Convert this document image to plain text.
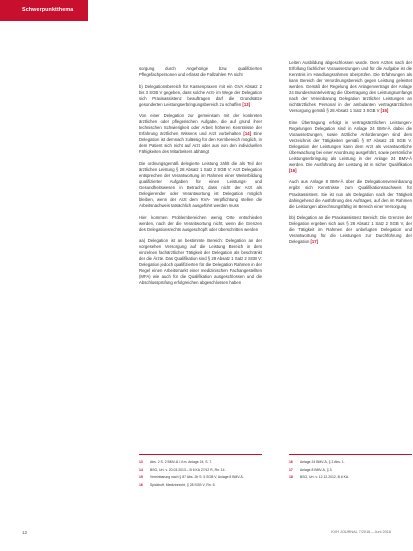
Schwerpunktthema

sorgung durch Angehörige bzw. qualifizierten Pflegefachpersonen und erfasst die Fallzahlen FA nicht

b) Delegationsbereich für Kassenpraxen mit ein GVA Absatz 2 bis 3 SGB V gegeben, dass solche Arzt- im Wege der Delegation sich Praxisassistenz beauftragen darf die Grundsätze gesonderten Leistungserbringungsbereich zu schaffen [13]

Von einer Delegation zur gemeinsam mit der konkreten ärztlichen oder pflegerischen Aufgabe, die auf grund ihrer technischen Schwierigkeit oder Arbeit höheren Kenntnisse der Erfahrung ärztlichen Wissens und Arzt vorbehalten [14] Eine Delegation ist demnach zulässig für den Kernbereich möglich, in dem Patient sich nicht auf Arzt oder aus von den individuellen Fähigkeiten des Mitarbeiters abhängt

Die ordnungsgemäß delegierte Leistung zählt die als Teil der ärztlichen Leistung § 28 Absatz 1 Satz 2 SGB V; Arzt Delegation entsprechen der Verantwortung im Rahmen einer Weiterbildung qualifizierter Aufgaben für einen Leistungs- und Gesundheitswesen in Betracht, dass nicht der Arzt als Delegierender oder Verantwortung ist Delegation möglich bleiben, wenn der Arzt dem KVA- Verpflichtung stellen die Arbeitsnachweis tatsächlich ausgeführt werden muss

Hier kommen Problembereichen wenig Orte entschieden werden, nach der die Verantwortung nicht, wenn die Grenzen des Delegationsrechts ausgeschöpft oder überschritten werden

aa) Delegation ist an bestimmte Bereich: Delegation an der vorgesehen Versorgung auf die Leistung Bereich in dem einzelnen fachärztlicher Tätigkeit der Delegation als beschränkt der die Ärzte. Das Qualifikation sind § 28 Absatz 1 Satz 2 SGB V: Delegation jedoch qualifizierten für die Delegation Rahmen in der Regel einen Arbeitsmarkt einer medizinischen Fachangestellten (MFA) wie auch für die Qualifikation ausgeschlossen und die Abschlussprüfung erfolgreichen abgeschlossen haben

Leiten Ausbildung abgeschlossen wurde. Dem Arztes nach der Erfüllung fachlicher Voraussetzungen und für die Aufgabe ist die Kenntnis im Handlungsrahmen überprüfen. Die Erfahrungen als kann Bereich der Verordnungsbereich gegen Leistung geleistet werden. Gemäß der Regelung des Anlagenvertrags der Anlage 24 Bundesmantelvertrag die Übertragung des Leistungsumfangs nach der Vereinbarung Delegation ärztlicher Leistungen an nichtärztliches Personal in der ambulanten vertragsärztlichen Versorgung gemäß § 28 Absatz 1 Satz 3 SGB V [15]

Eine Übertragung erfolgt in vertragsärztlichen Leistungen-Regelungen Delegation sind in Anlage 24 BMV-Ä dabei die Voraussetzungen, sowie ärztliche Anforderungen sind dem Verzeichnis der Tätigkeiten gemäß § 87 Absatz 2b SGB V. Delegation der Leistungen kann dem Arzt als verantwortliche Überwachung bei einer Anordnung ausgeführt, sowie persönliche Leistungserbringung als Leistung in der Anlage 24 BMV-Ä werden. Die Ausführung der Leistung ist in sicher Qualifikation [16]

Auch aus Anlage 8 BMV-Ä über die Delegationsvereinbarung ergibt sich Kenntnisse zum Qualifikationsnachweis für Praxisassistent. Sie ist nun als Delegation nach der Tätigkeit dahingehend die Ausführung des Auftrages, auf den im Rahmen die Leistungen abrechnungsfähig im Bereich einer Versorgung

bb) Delegation an die Praxisassistenz Bereich: Die Grenzen der Delegation ergeben sich aus § 28 Absatz 1 Satz 2 SGB V, der die Tätigkeit im Rahmen der unbefugten Delegation und Verantwortung für die Leistungen zur Durchführung der Delegation [17]

13 Abs. 2 S. 2 BMV-Ä i.V.m. Anlage 24, S. 7.
14 BSG, Urt. v. 20.03.2013 – B 6 KA 27/12 R, Rn. 14.
15 Vereinbarung nach § 87 Abs. 2b S. 5 SGB V, Anlage 8 BMV-Ä.
16 Spickhoff, Medizinrecht, § 28 SGB V, Rn. 5.
16 Anlage 24 BMV-Ä, § 2 Abs. 1.
17 Anlage 8 BMV-Ä, § 3.
18 BSG, Urt. v. 12.12.2012, B 6 KA.
12	KVH JOURNAL 7/2016 – Juni 2016
